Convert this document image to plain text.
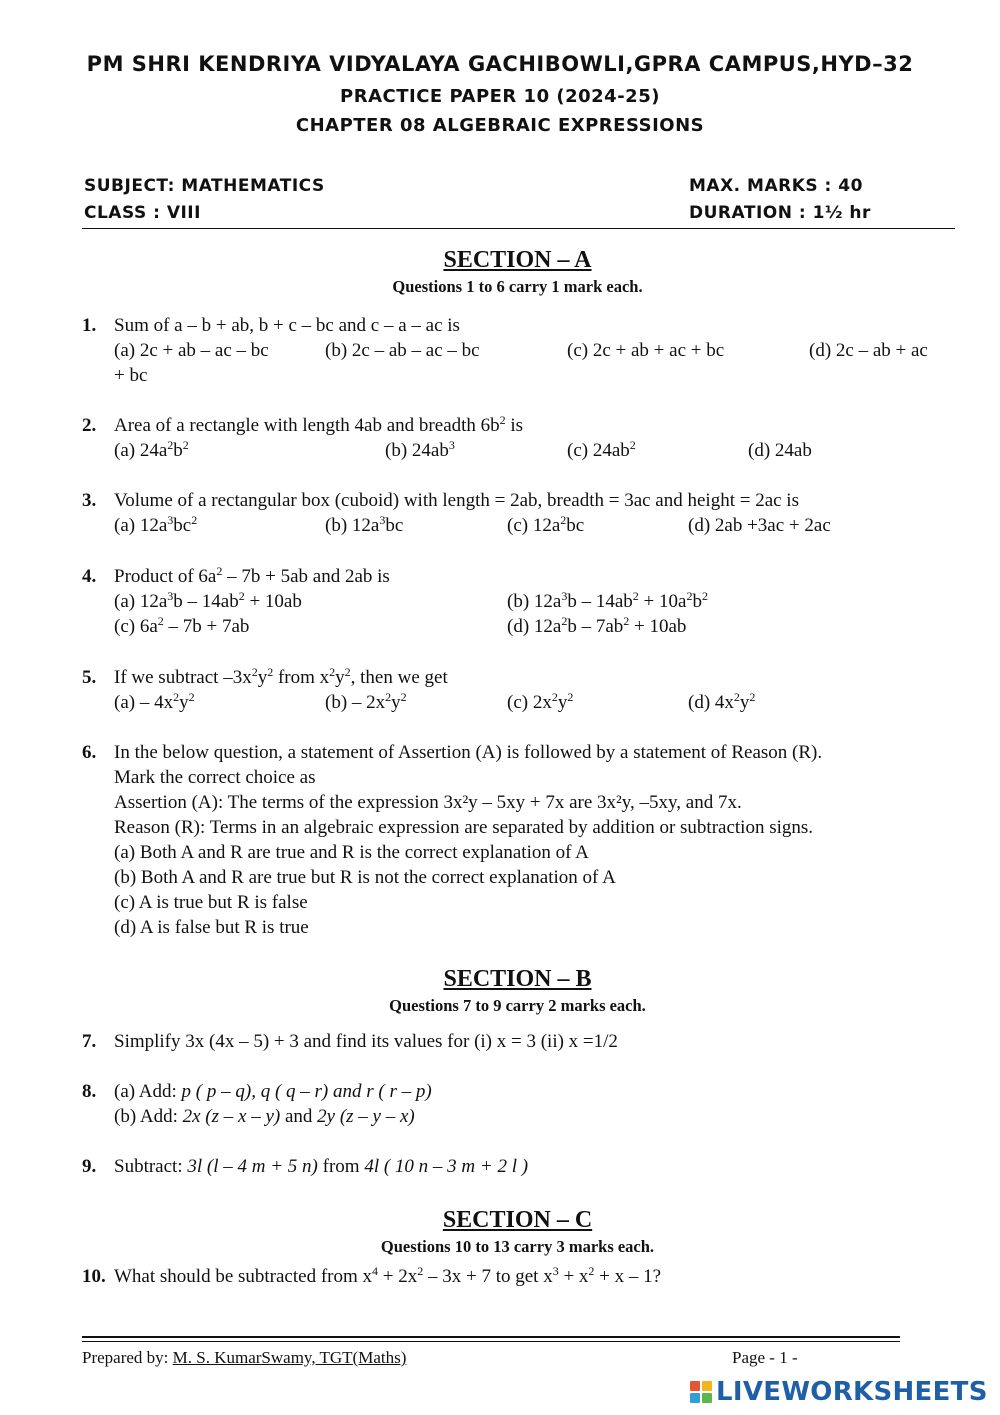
PM SHRI KENDRIYA VIDYALAYA GACHIBOWLI,GPRA CAMPUS,HYD–32
PRACTICE PAPER 10 (2024-25)
CHAPTER 08 ALGEBRAIC EXPRESSIONS
SUBJECT: MATHEMATICS
CLASS : VIII
MAX. MARKS : 40
DURATION : 1½ hr
SECTION – A
Questions 1 to 6 carry 1 mark each.
1. Sum of a – b + ab, b + c – bc and c – a – ac is
(a) 2c + ab – ac – bc	(b) 2c – ab – ac – bc	(c) 2c + ab + ac + bc	(d) 2c – ab + ac
+ bc
2. Area of a rectangle with length 4ab and breadth $6b^2$ is
(a) $24a^2b^2$	(b) $24ab^3$	(c) $24ab^2$	(d) 24ab
3. Volume of a rectangular box (cuboid) with length = 2ab, breadth = 3ac and height = 2ac is
(a) $12a^3bc^2$	(b) $12a^3bc$	(c) $12a^2bc$	(d) 2ab +3ac + 2ac
4. Product of $6a^2 - 7b + 5ab$ and 2ab is
(a) $12a^3b - 14ab^2 + 10ab$	(b) $12a^3b - 14ab^2 + 10a^2b^2$
(c) $6a^2 - 7b + 7ab$	(d) $12a^2b - 7ab^2 + 10ab$
5. If we subtract $-3x^2y^2$ from $x^2y^2$, then we get
$(a) - 4x^2y^2$	$(b) - 2x^2y^2$	(c) $2x^2y^2$	(d) $4x^2y^2$
6. In the below question, a statement of Assertion (A) is followed by a statement of Reason (R).
Mark the correct choice as
Assertion (A): The terms of the expression 3x²y – 5xy + 7x are 3x²y, –5xy, and 7x.
Reason (R): Terms in an algebraic expression are separated by addition or subtraction signs.
(a) Both A and R are true and R is the correct explanation of A
(b) Both A and R are true but R is not the correct explanation of A
(c) A is true but R is false
(d) A is false but R is true
SECTION – B
Questions 7 to 9 carry 2 marks each.
7. Simplify 3x (4x – 5) + 3 and find its values for (i) x = 3 (ii) x =1/2
8. (a) Add: p ( p – q), q ( q – r) and r ( r – p)
(b) Add: 2x (z – x – y) and 2y (z – y – x)
9. Subtract: 3l (l – 4 m + 5 n) from 4l ( 10 n – 3 m + 2 l )
SECTION – C
Questions 10 to 13 carry 3 marks each.
10. What should be subtracted from $x^4 + 2x^2 - 3x + 7$ to get $x^3 + x^2 + x - 1$?
Prepared by: M. S. KumarSwamy, TGT(Maths)	Page - 1 -
LIVEWORKSHEETS
